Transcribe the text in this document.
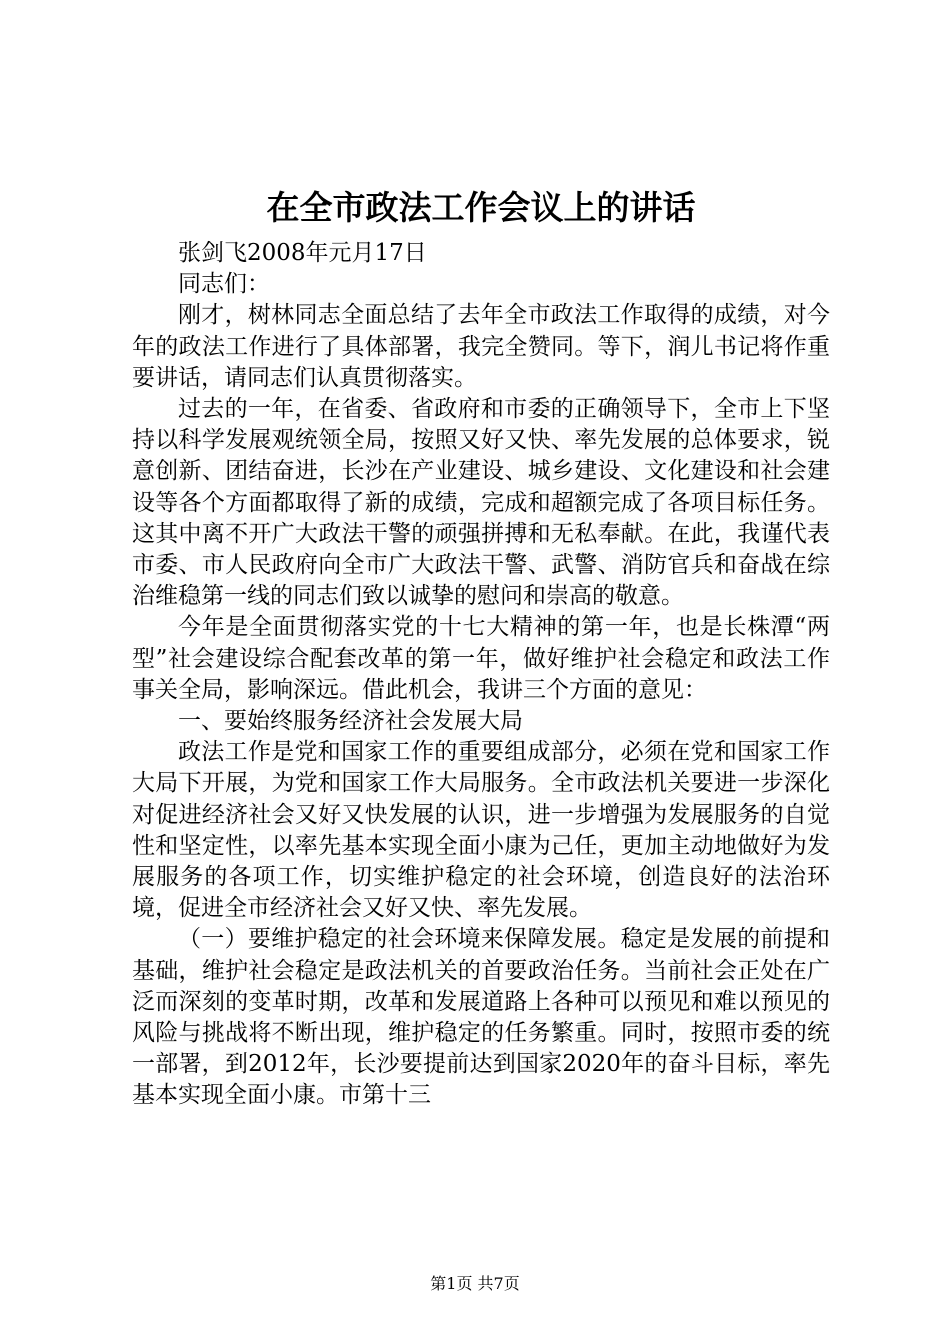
在全市政法工作会议上的讲话

张剑飞2008年元月17日

同志们：

刚才，树林同志全面总结了去年全市政法工作取得的成绩，对今年的政法工作进行了具体部署，我完全赞同。等下，润儿书记将作重要讲话，请同志们认真贯彻落实。

过去的一年，在省委、省政府和市委的正确领导下，全市上下坚持以科学发展观统领全局，按照又好又快、率先发展的总体要求，锐意创新、团结奋进，长沙在产业建设、城乡建设、文化建设和社会建设等各个方面都取得了新的成绩，完成和超额完成了各项目标任务。这其中离不开广大政法干警的顽强拼搏和无私奉献。在此，我谨代表市委、市人民政府向全市广大政法干警、武警、消防官兵和奋战在综治维稳第一线的同志们致以诚挚的慰问和崇高的敬意。

今年是全面贯彻落实党的十七大精神的第一年，也是长株潭“两型”社会建设综合配套改革的第一年，做好维护社会稳定和政法工作事关全局，影响深远。借此机会，我讲三个方面的意见：

一、要始终服务经济社会发展大局

政法工作是党和国家工作的重要组成部分，必须在党和国家工作大局下开展，为党和国家工作大局服务。全市政法机关要进一步深化对促进经济社会又好又快发展的认识，进一步增强为发展服务的自觉性和坚定性，以率先基本实现全面小康为己任，更加主动地做好为发展服务的各项工作，切实维护稳定的社会环境，创造良好的法治环境，促进全市经济社会又好又快、率先发展。

（一）要维护稳定的社会环境来保障发展。稳定是发展的前提和基础，维护社会稳定是政法机关的首要政治任务。当前社会正处在广泛而深刻的变革时期，改革和发展道路上各种可以预见和难以预见的风险与挑战将不断出现，维护稳定的任务繁重。同时，按照市委的统一部署，到2012年，长沙要提前达到国家2020年的奋斗目标，率先基本实现全面小康。市第十三

第1页 共7页
